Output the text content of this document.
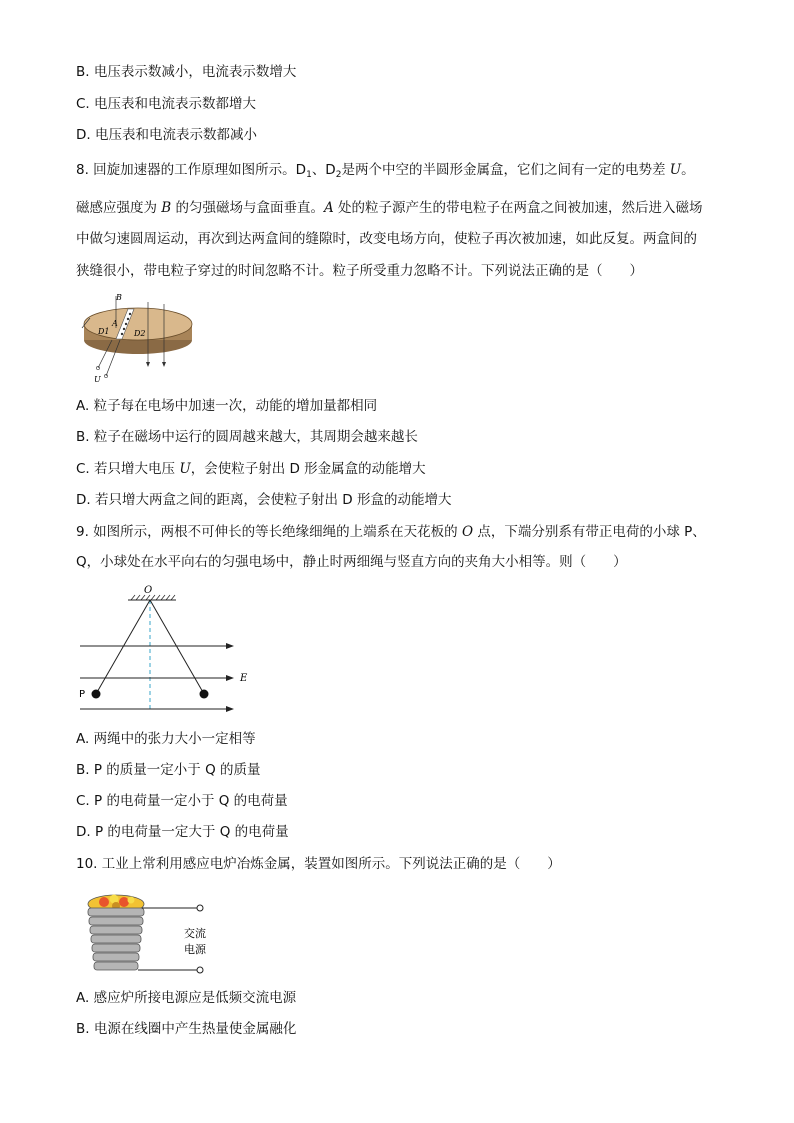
B. 电压表示数减小，电流表示数增大
C. 电压表和电流表示数都增大
D. 电压表和电流表示数都减小
8. 回旋加速器的工作原理如图所示。$D_1$、$D_2$是两个中空的半圆形金属盒，它们之间有一定的电势差 U。
磁感应强度为 B 的匀强磁场与盒面垂直。A 处的粒子源产生的带电粒子在两盒之间被加速，然后进入磁场
中做匀速圆周运动，再次到达两盒间的缝隙时，改变电场方向，使粒子再次被加速，如此反复。两盒间的
狭缝很小，带电粒子穿过的时间忽略不计。粒子所受重力忽略不计。下列说法正确的是（　　）
B
A
D1	D2
U
A. 粒子每在电场中加速一次，动能的增加量都相同
B. 粒子在磁场中运行的圆周越来越大，其周期会越来越长
C. 若只增大电压 U，会使粒子射出 D 形金属盒的动能增大
D. 若只增大两盒之间的距离，会使粒子射出 D 形盒的动能增大
9. 如图所示，两根不可伸长的等长绝缘细绳的上端系在天花板的 O 点，下端分别系有带正电荷的小球 P、
Q，小球处在水平向右的匀强电场中，静止时两细绳与竖直方向的夹角大小相等。则（　　）
O
E
P
A. 两绳中的张力大小一定相等
B. P 的质量一定小于 Q 的质量
C. P 的电荷量一定小于 Q 的电荷量
D. P 的电荷量一定大于 Q 的电荷量
10. 工业上常利用感应电炉冶炼金属，装置如图所示。下列说法正确的是（　　）
交流
电源
A. 感应炉所接电源应是低频交流电源
B. 电源在线圈中产生热量使金属融化
